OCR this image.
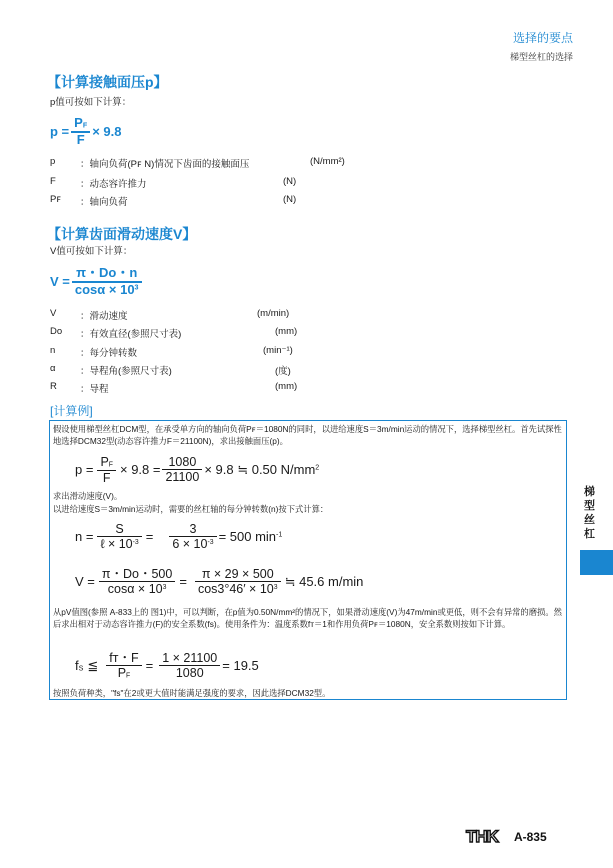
选择的要点
梯型丝杠的选择
【计算接触面压p】
p值可按如下计算：
$p = \frac{PF}{F} \times 9.8$
p	：轴向负荷(Pꜰ N)情况下齿面的接触面压	(N/mm²)
F	：动态容许推力	(N)
Pꜰ ：轴向负荷	(N)
【计算齿面滑动速度V】
V值可按如下计算：
$V = \frac{\pi・Do・n}{\cos\alpha \times 10^3}$
V ：滑动速度	(m/min)
Do ：有效直径(参照尺寸表)	(mm)
n	：每分钟转数	(min⁻¹)
α	：导程角(参照尺寸表)	(度)
R ：导程	(mm)
[计算例]
假设使用梯型丝杠DCM型，在承受单方向的轴向负荷Pꜰ＝1080N的同时，以进给速度S＝3m/min运动的情况下，选择梯型丝杠。首先试探性地选择DCM32型(动态容许推力F＝21100N)，求出接触面压(p)。
$p = \frac{PF}{F} \times 9.8 = \frac{1080}{21100} \times 9.8$ ≒ 0.50 $N/mm^2$
求出滑动速度(V)。
以进给速度S＝3m/min运动时，需要的丝杠轴的每分钟转数(n)按下式计算：
$n = \frac{S}{\ell \times 10^{-3}} = \frac{3}{6 \times 10^{-3}} = 500$ $\min^{-1}$
$V = \frac{\pi・Do・500}{\cos\alpha \times 10^3} = \frac{\pi \times 29 \times 500}{\cos 3^\circ 46' \times 10^3}$ ≒ 45.6 m/min
从pV值图(参照 A-833上的 图1)中，可以判断，在p值为0.50N/mm²的情况下，如果滑动速度(V)为47m/min或更低，则不会有异常的磨损。然后求出相对于动态容许推力(F)的安全系数(fs)。使用条件为：温度系数fт＝1和作用负荷Pꜰ＝1080N，安全系数则按如下计算。
fS ≦ $\frac{fт・F}{PF} = \frac{1 \times 21100}{1080} = 19.5$
按照负荷种类，"fs"在2或更大值时能满足强度的要求，因此选择DCM32型。
梯型丝杠
THK A-835
